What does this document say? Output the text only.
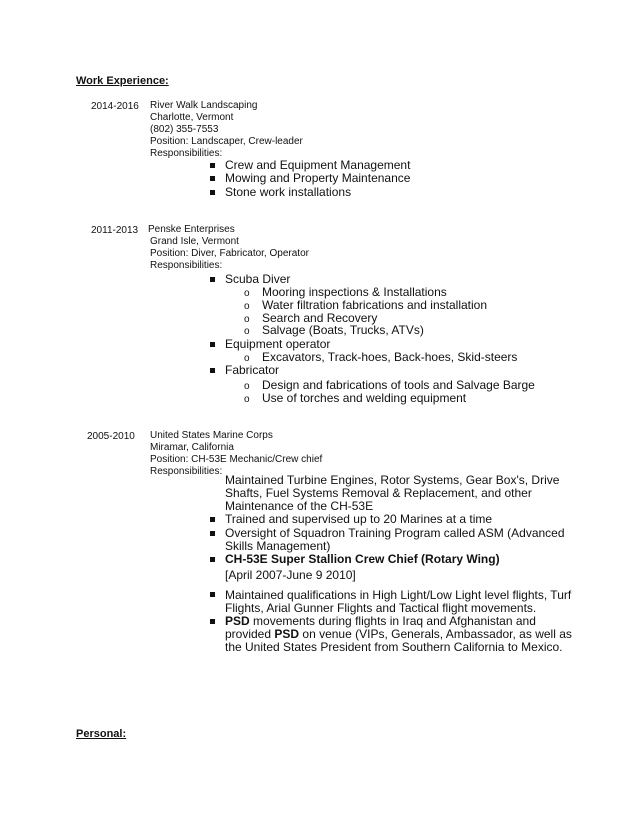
Work Experience:
2014-2016 River Walk Landscaping
Charlotte, Vermont
(802) 355-7553
Position: Landscaper, Crew-leader
Responsibilities:
Crew and Equipment Management
Mowing and Property Maintenance
Stone work installations
2011-2013 Penske Enterprises
Grand Isle, Vermont
Position: Diver, Fabricator, Operator
Responsibilities:
Scuba Diver
o Mooring inspections & Installations
o Water filtration fabrications and installation
o Search and Recovery
o Salvage (Boats, Trucks, ATVs)
Equipment operator
o Excavators, Track-hoes, Back-hoes, Skid-steers
Fabricator
o Design and fabrications of tools and Salvage Barge
o Use of torches and welding equipment
2005-2010 United States Marine Corps
Miramar, California
Position: CH-53E Mechanic/Crew chief
Responsibilities:
Maintained Turbine Engines, Rotor Systems, Gear Box's, Drive
Shafts, Fuel Systems Removal & Replacement, and other
Maintenance of the CH-53E
Trained and supervised up to 20 Marines at a time
Oversight of Squadron Training Program called ASM (Advanced
Skills Management)
CH-53E Super Stallion Crew Chief (Rotary Wing)
[April 2007-June 9 2010]
Maintained qualifications in High Light/Low Light level flights, Turf
Flights, Arial Gunner Flights and Tactical flight movements.
PSD movements during flights in Iraq and Afghanistan and
provided PSD on venue (VIPs, Generals, Ambassador, as well as
the United States President from Southern California to Mexico.
Personal:
